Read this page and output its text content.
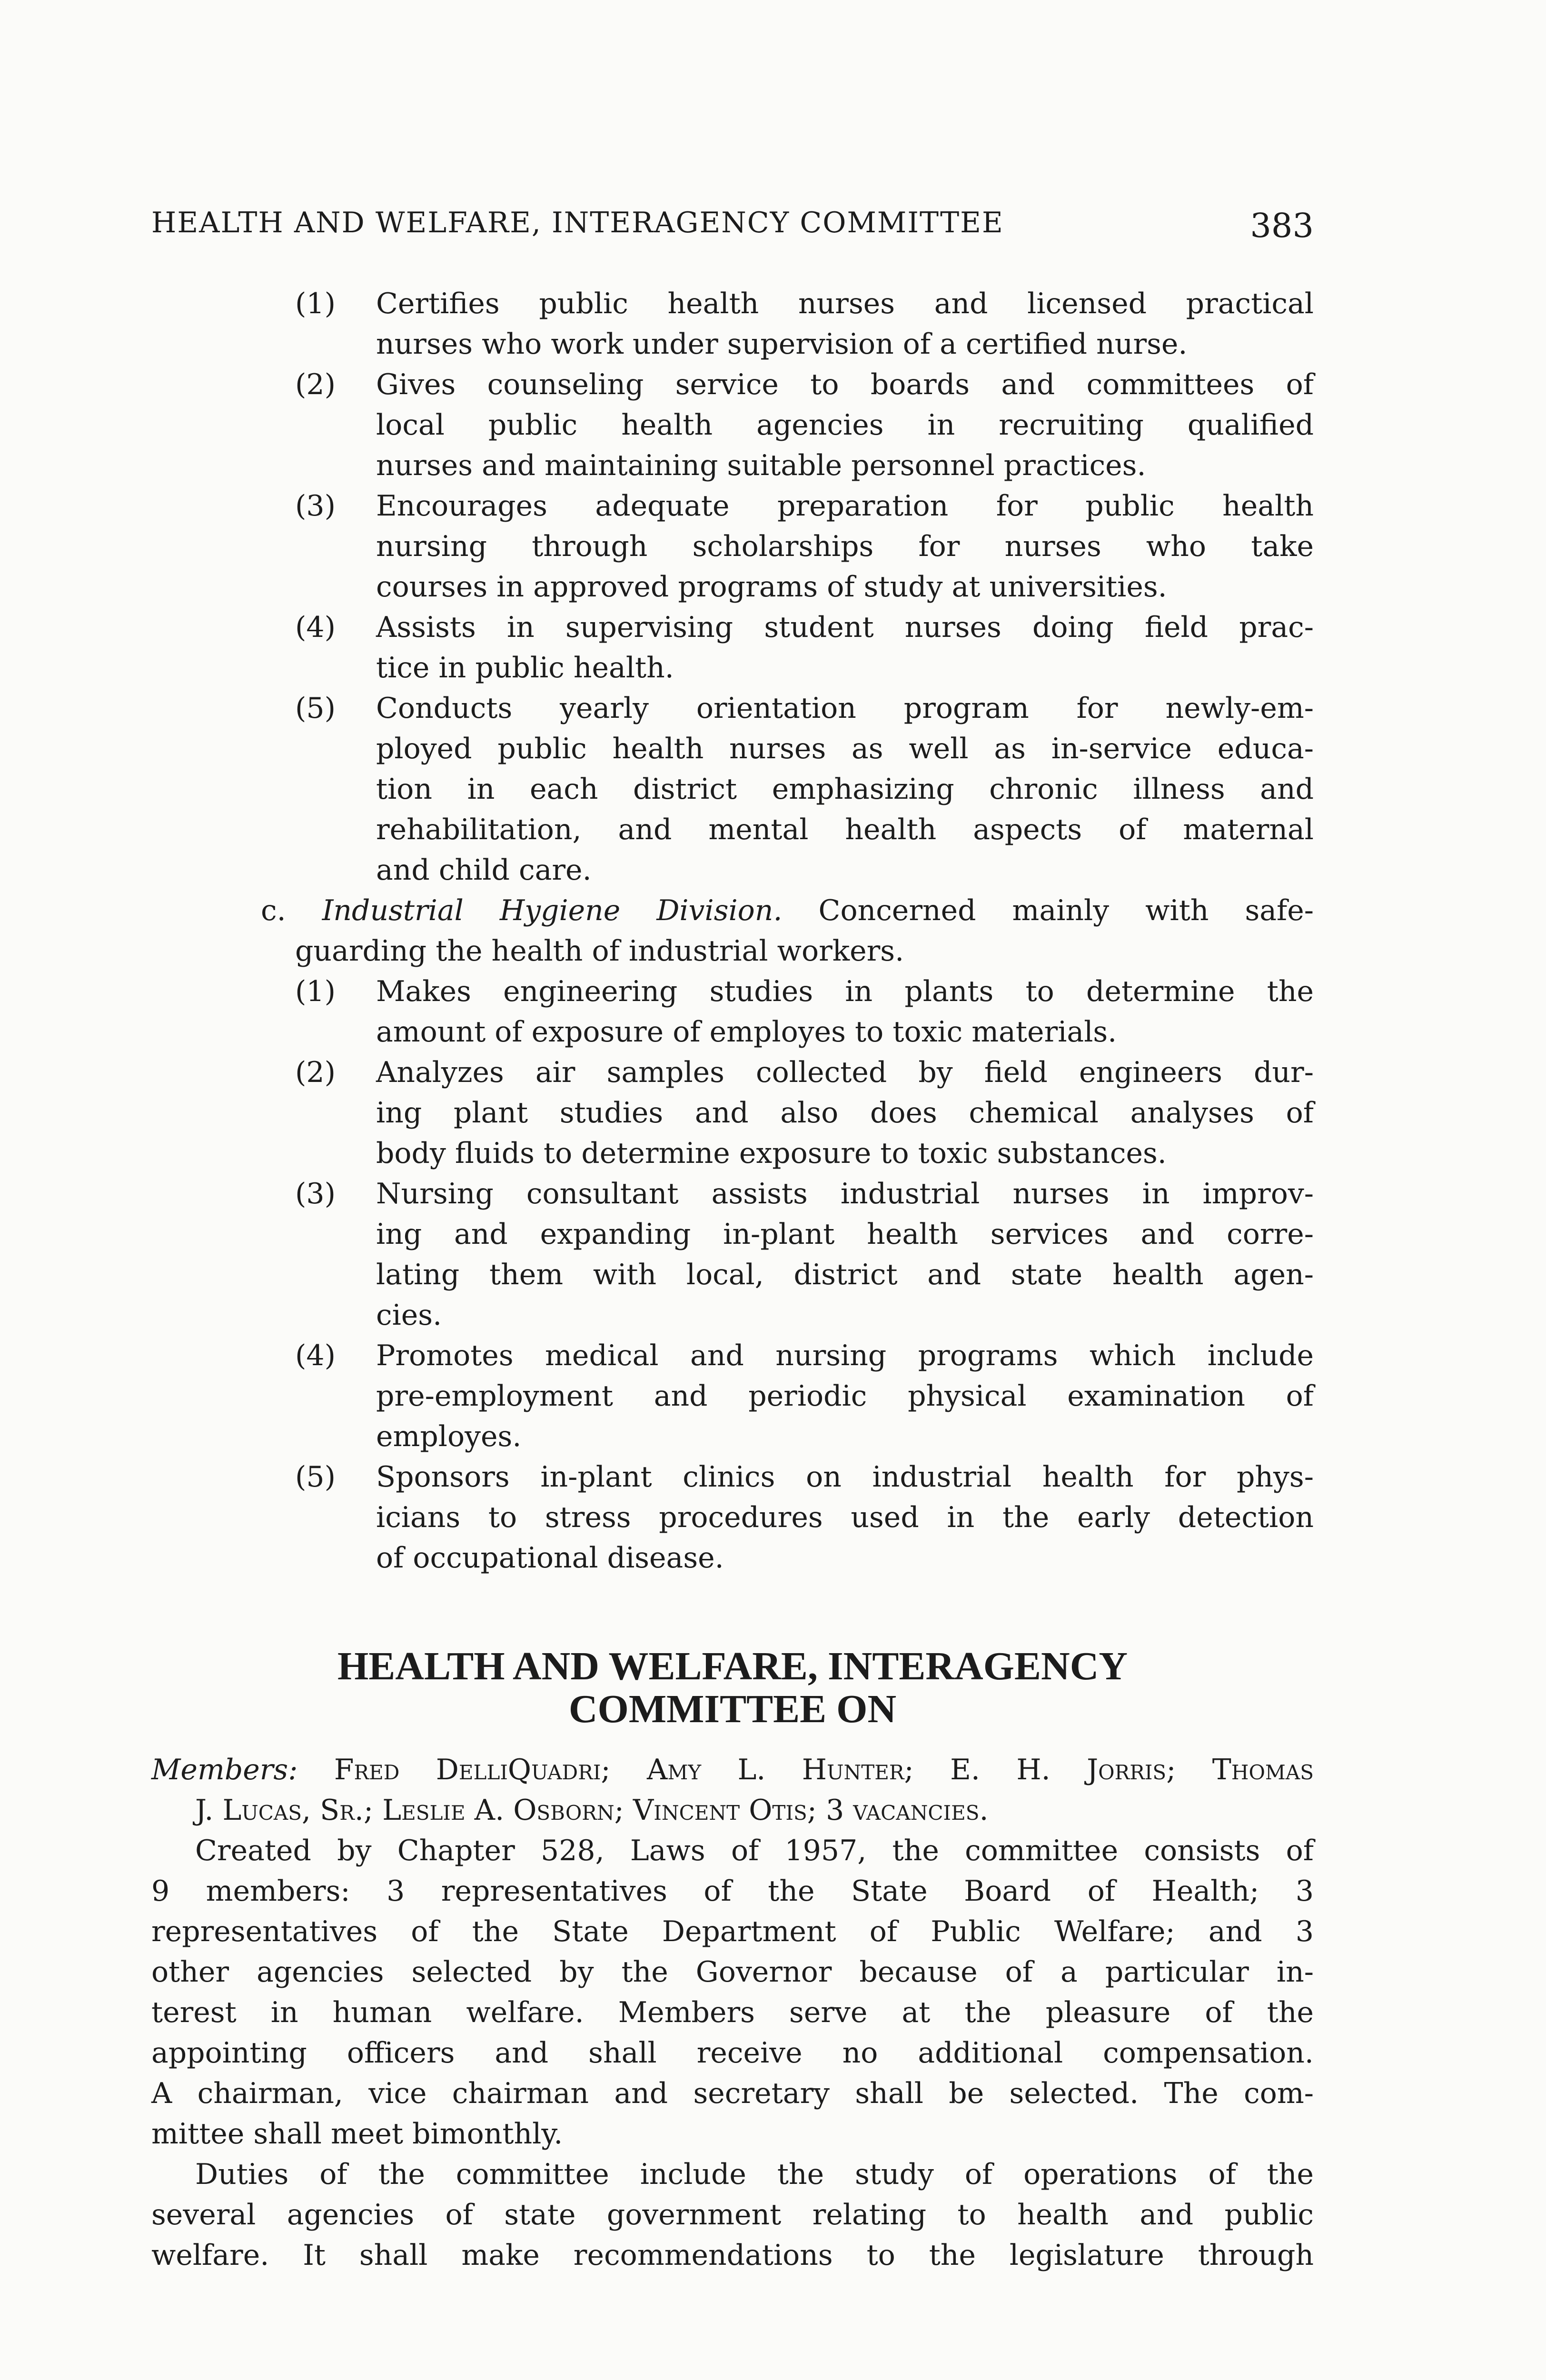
HEALTH AND WELFARE, INTERAGENCY COMMITTEE	383
(1) Certifies public health nurses and licensed practical
nurses who work under supervision of a certified nurse.
(2) Gives counseling service to boards and committees of
local public health agencies in recruiting qualified
nurses and maintaining suitable personnel practices.
(3) Encourages adequate preparation for public health
nursing through scholarships for nurses who take
courses in approved programs of study at universities.
(4) Assists in supervising student nurses doing field prac-
tice in public health.
(5) Conducts yearly orientation program for newly-em-
ployed public health nurses as well as in-service educa-
tion in each district emphasizing chronic illness and
rehabilitation, and mental health aspects of maternal
and child care.
c. Industrial Hygiene Division. Concerned mainly with safe-
guarding the health of industrial workers.
(1) Makes engineering studies in plants to determine the
amount of exposure of employes to toxic materials.
(2) Analyzes air samples collected by field engineers dur-
ing plant studies and also does chemical analyses of
body fluids to determine exposure to toxic substances.
(3) Nursing consultant assists industrial nurses in improv-
ing and expanding in-plant health services and corre-
lating them with local, district and state health agen-
cies.
(4) Promotes medical and nursing programs which include
pre-employment and periodic physical examination of
employes.
(5) Sponsors in-plant clinics on industrial health for phys-
icians to stress procedures used in the early detection
of occupational disease.
HEALTH AND WELFARE, INTERAGENCY
COMMITTEE ON
Members: Fred DelliQuadri; Amy L. Hunter; E. H. Jorris; Thomas
J. Lucas, Sr.; Leslie A. Osborn; Vincent Otis; 3 vacancies.
Created by Chapter 528, Laws of 1957, the committee consists of
9 members: 3 representatives of the State Board of Health; 3
representatives of the State Department of Public Welfare; and 3
other agencies selected by the Governor because of a particular in-
terest in human welfare. Members serve at the pleasure of the
appointing officers and shall receive no additional compensation.
A chairman, vice chairman and secretary shall be selected. The com-
mittee shall meet bimonthly.
Duties of the committee include the study of operations of the
several agencies of state government relating to health and public
welfare. It shall make recommendations to the legislature through
